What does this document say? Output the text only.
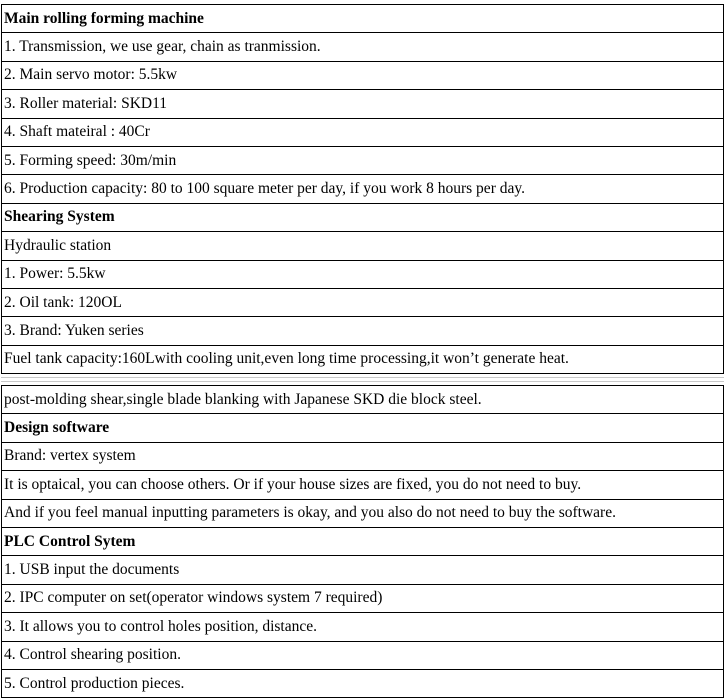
Main rolling forming machine
1. Transmission, we use gear, chain as tranmission.
2. Main servo motor: 5.5kw
3. Roller material: SKD11
4. Shaft mateiral : 40Cr
5. Forming speed: 30m/min
6. Production capacity: 80 to 100 square meter per day, if you work 8 hours per day.
Shearing System
Hydraulic station
1. Power: 5.5kw
2. Oil tank: 120OL
3. Brand: Yuken series
Fuel tank capacity:160Lwith cooling unit,even long time processing,it won’t generate heat.
post-molding shear,single blade blanking with Japanese SKD die block steel.
Design software
Brand: vertex system
It is optaical, you can choose others. Or if your house sizes are fixed, you do not need to buy.
And if you feel manual inputting parameters is okay, and you also do not need to buy the software.
PLC Control Sytem
1. USB input the documents
2. IPC computer on set(operator windows system 7 required)
3. It allows you to control holes position, distance.
4. Control shearing position.
5. Control production pieces.
